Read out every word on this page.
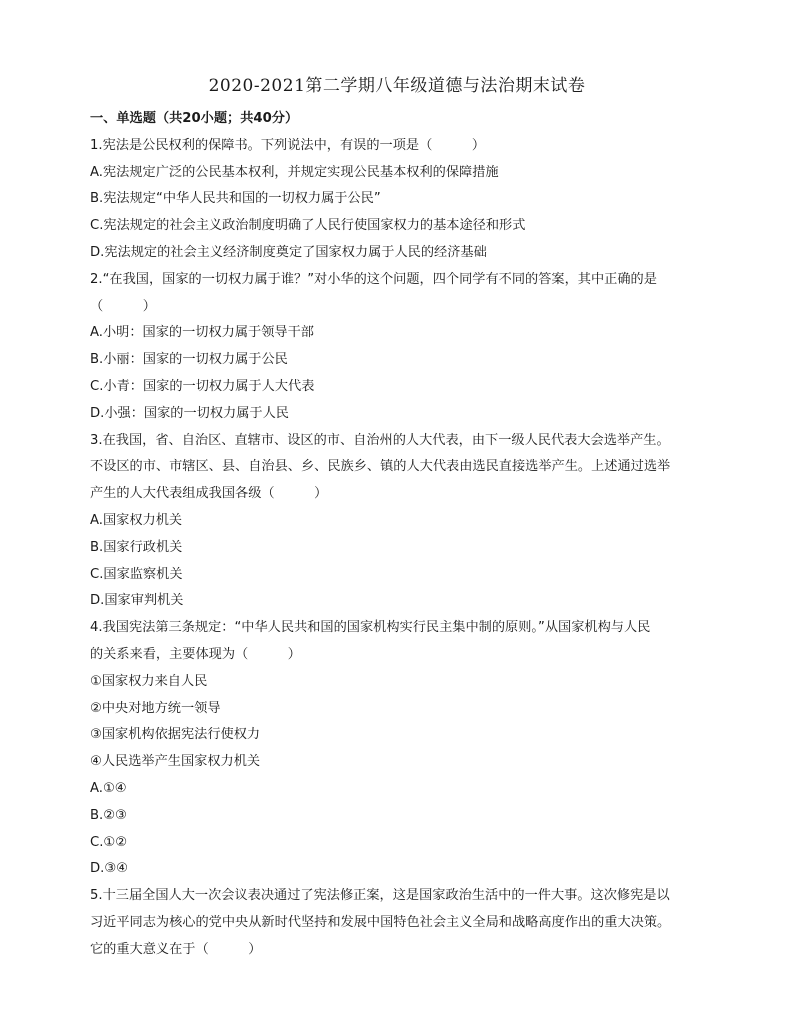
2020-2021第二学期八年级道德与法治期末试卷
一、单选题（共20小题；共40分）
1.宪法是公民权利的保障书。下列说法中，有误的一项是（　　　）
A.宪法规定广泛的公民基本权利，并规定实现公民基本权利的保障措施
B.宪法规定“中华人民共和国的一切权力属于公民”
C.宪法规定的社会主义政治制度明确了人民行使国家权力的基本途径和形式
D.宪法规定的社会主义经济制度奠定了国家权力属于人民的经济基础
2.“在我国，国家的一切权力属于谁？”对小华的这个问题，四个同学有不同的答案，其中正确的是
（　　　）
A.小明：国家的一切权力属于领导干部
B.小丽：国家的一切权力属于公民
C.小青：国家的一切权力属于人大代表
D.小强：国家的一切权力属于人民
3.在我国，省、自治区、直辖市、设区的市、自治州的人大代表，由下一级人民代表大会选举产生。
不设区的市、市辖区、县、自治县、乡、民族乡、镇的人大代表由选民直接选举产生。上述通过选举
产生的人大代表组成我国各级（　　　）
A.国家权力机关
B.国家行政机关
C.国家监察机关
D.国家审判机关
4.我国宪法第三条规定：“中华人民共和国的国家机构实行民主集中制的原则。”从国家机构与人民
的关系来看，主要体现为（　　　）
①国家权力来自人民
②中央对地方统一领导
③国家机构依据宪法行使权力
④人民选举产生国家权力机关
A.①④
B.②③
C.①②
D.③④
5.十三届全国人大一次会议表决通过了宪法修正案，这是国家政治生活中的一件大事。这次修宪是以
习近平同志为核心的党中央从新时代坚持和发展中国特色社会主义全局和战略高度作出的重大决策。
它的重大意义在于（　　　）
